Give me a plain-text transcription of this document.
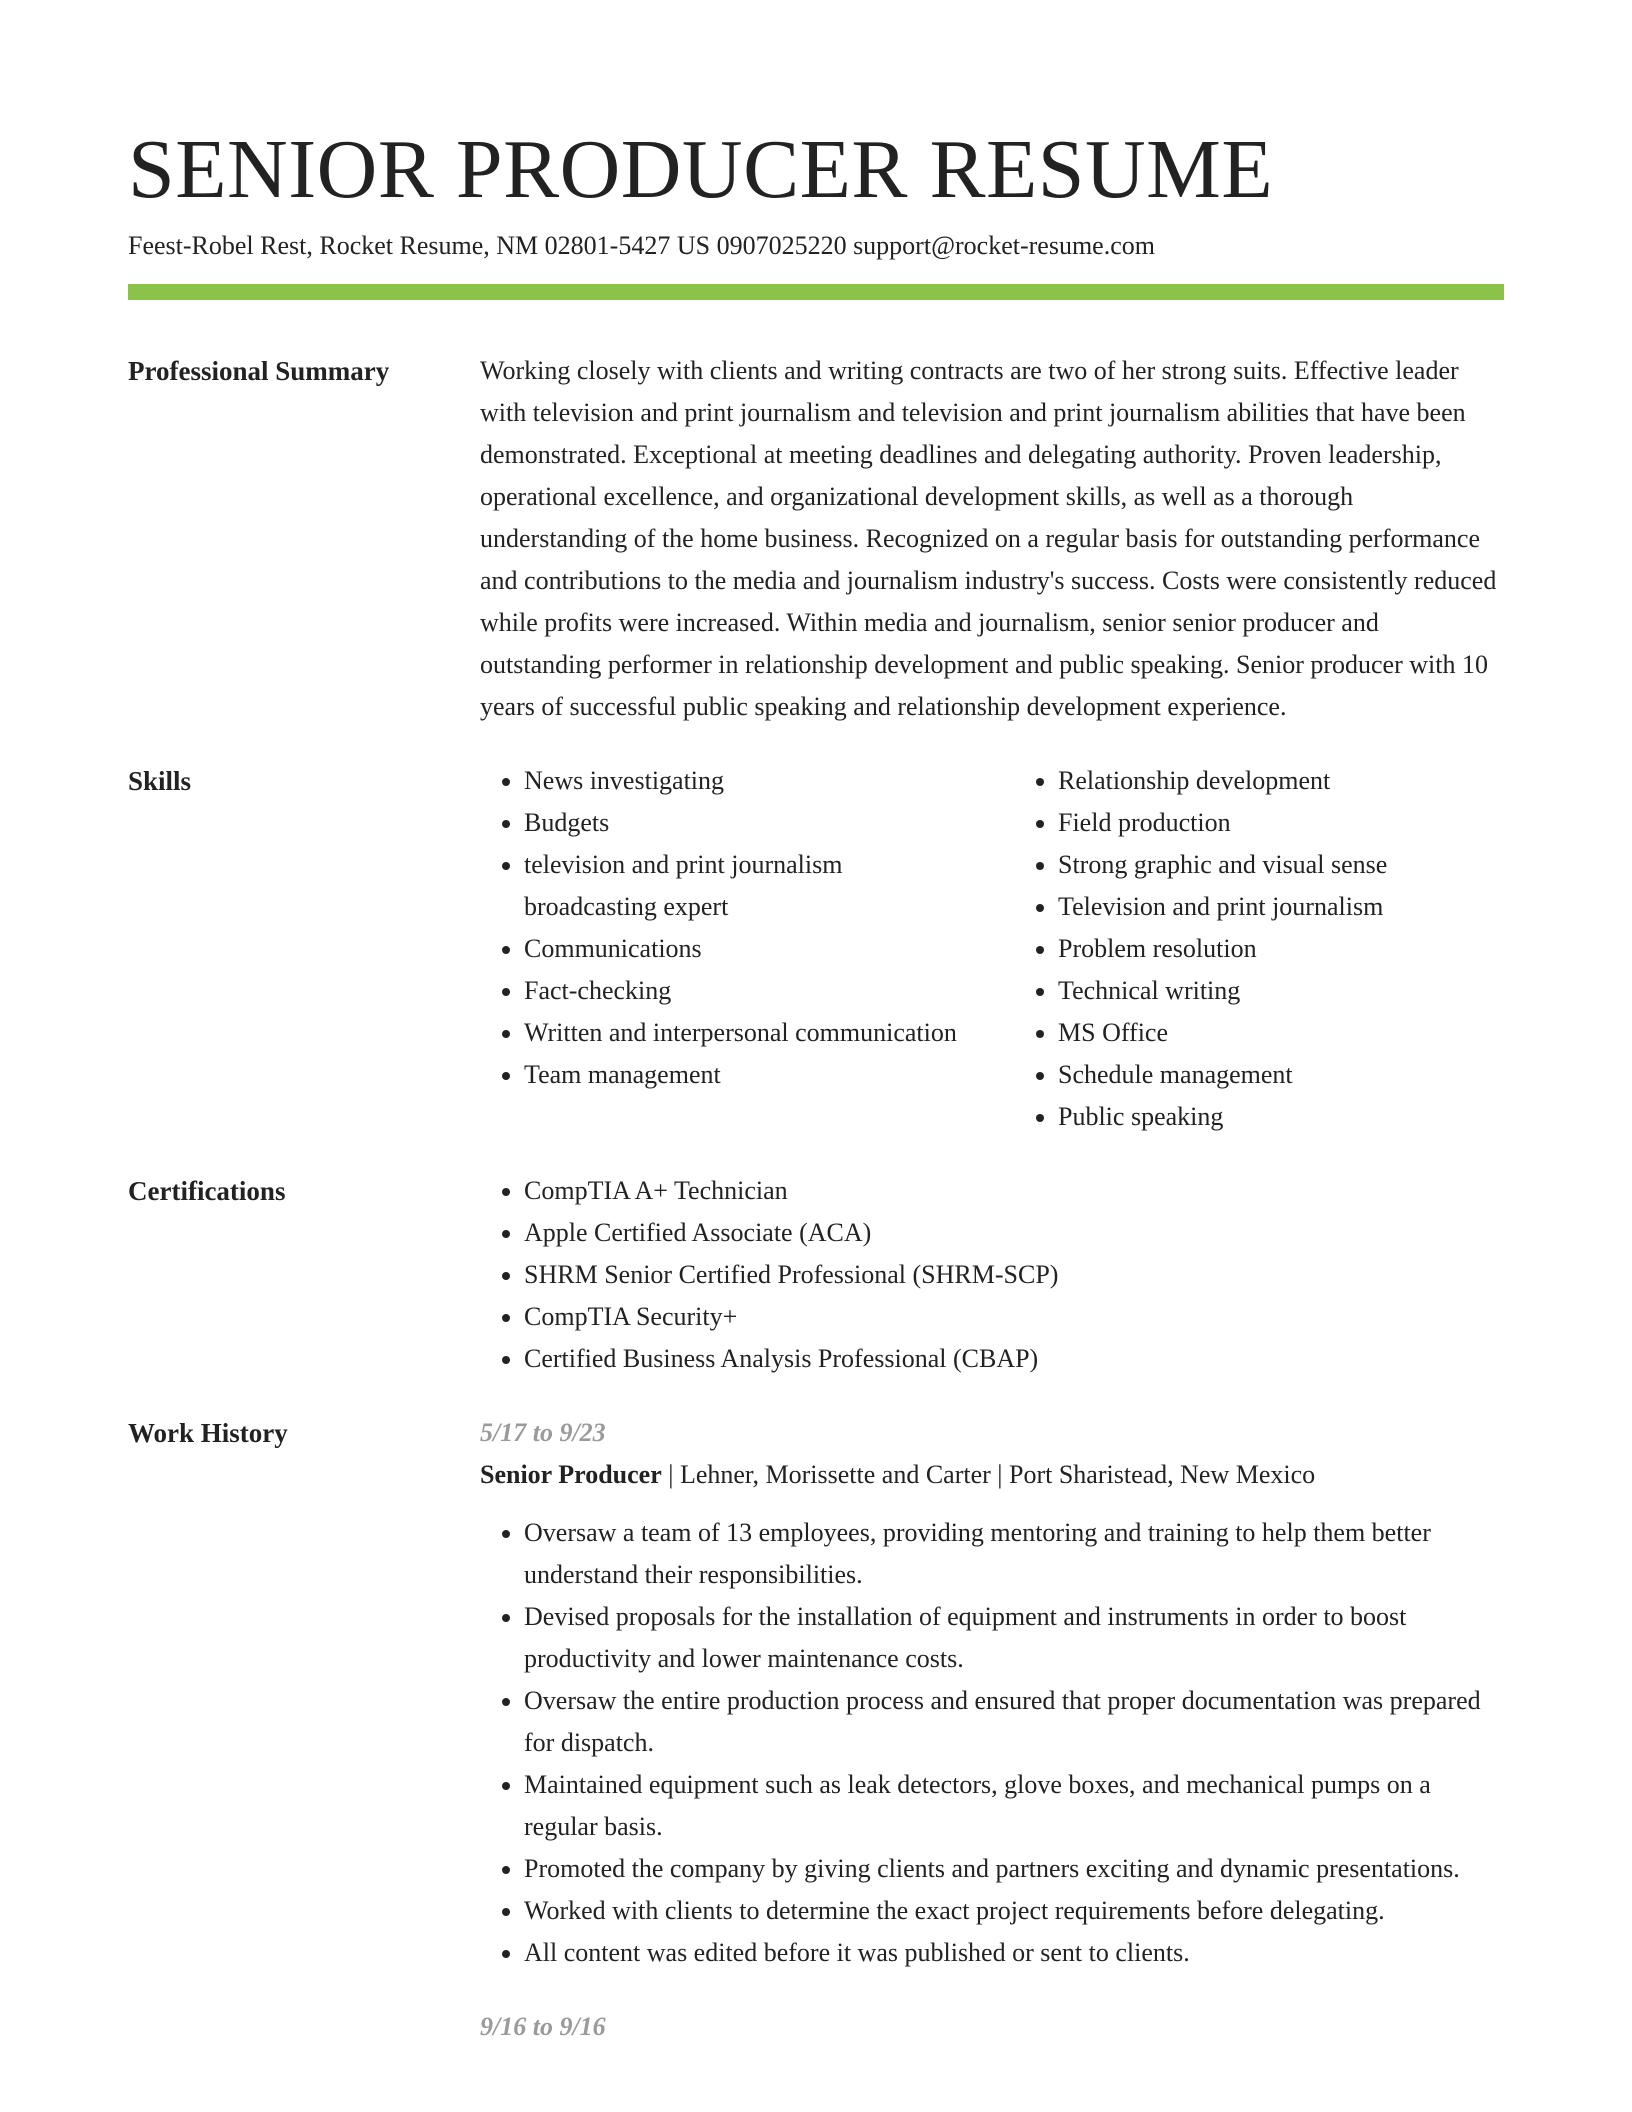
SENIOR PRODUCER RESUME
Feest-Robel Rest, Rocket Resume, NM 02801-5427 US 0907025220 support@rocket-resume.com
Professional Summary	Working closely with clients and writing contracts are two of her strong suits. Effective leader with television and print journalism and television and print journalism abilities that have been demonstrated. Exceptional at meeting deadlines and delegating authority. Proven leadership, operational excellence, and organizational development skills, as well as a thorough understanding of the home business. Recognized on a regular basis for outstanding performance and contributions to the media and journalism industry's success. Costs were consistently reduced while profits were increased. Within media and journalism, senior senior producer and outstanding performer in relationship development and public speaking. Senior producer with 10 years of successful public speaking and relationship development experience.

Skills	• News investigating
• Budgets
• television and print journalism broadcasting expert
• Communications
• Fact-checking
• Written and interpersonal communication
• Team management
• Relationship development
• Field production
• Strong graphic and visual sense
• Television and print journalism
• Problem resolution
• Technical writing
• MS Office
• Schedule management
• Public speaking
Certifications	• CompTIA A+ Technician
• Apple Certified Associate (ACA)
• SHRM Senior Certified Professional (SHRM-SCP)
• CompTIA Security+
• Certified Business Analysis Professional (CBAP)
Work History	5/17 to 9/23
Senior Producer | Lehner, Morissette and Carter | Port Sharistead, New Mexico
• Oversaw a team of 13 employees, providing mentoring and training to help them better understand their responsibilities.
• Devised proposals for the installation of equipment and instruments in order to boost productivity and lower maintenance costs.
• Oversaw the entire production process and ensured that proper documentation was prepared for dispatch.
• Maintained equipment such as leak detectors, glove boxes, and mechanical pumps on a regular basis.
• Promoted the company by giving clients and partners exciting and dynamic presentations.
• Worked with clients to determine the exact project requirements before delegating.
• All content was edited before it was published or sent to clients.
9/16 to 9/16
